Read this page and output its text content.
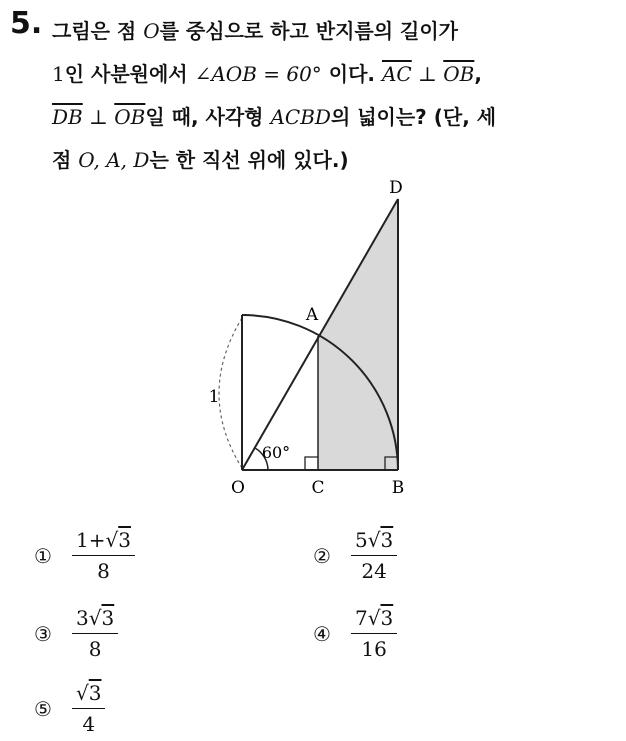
5. 그림은 점 O를 중심으로 하고 반지름의 길이가
1인 사분원에서 ∠AOB = 60° 이다. $\overline{AC}$ ⊥ $\overline{OB}$,
$\overline{DB}$ ⊥ $\overline{OB}$일 때, 사각형 ACBD의 넓이는? (단, 세
점 O, A, D는 한 직선 위에 있다.)
D
A
O	C	B
1
60°
①	$\frac{1+√3}{8}$	②	$\frac{5√3}{24}$
③	$\frac{3√3}{8}$	④	$\frac{7√3}{16}$
⑤	$\frac{√3}{4}$
